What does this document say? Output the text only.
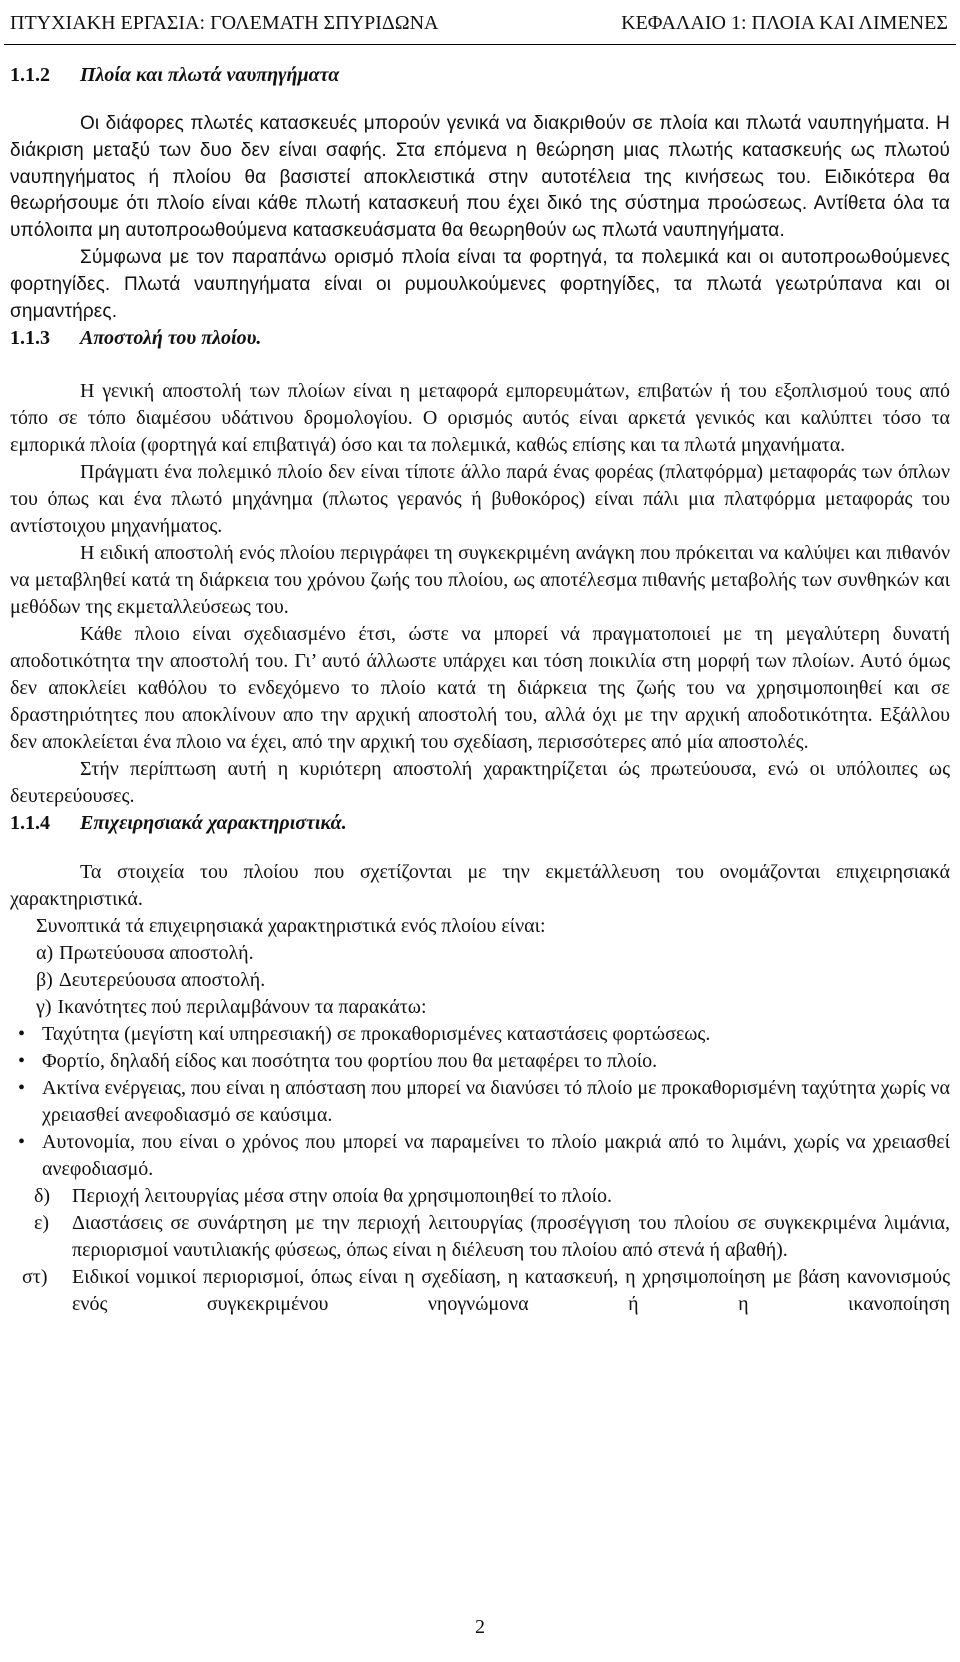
ΠΤΥΧΙΑΚΗ ΕΡΓΑΣΙΑ: ΓΟΛΕΜΑΤΗ ΣΠΥΡΙΔΩΝΑ	ΚΕΦΑΛΑΙΟ 1: ΠΛΟΙΑ ΚΑΙ ΛΙΜΕΝΕΣ
1.1.2 Πλοία και πλωτά ναυπηγήματα

Οι διάφορες πλωτές κατασκευές μπορούν γενικά να διακριθούν σε πλοία και πλωτά ναυπηγήματα. Η διάκριση μεταξύ των δυο δεν είναι σαφής. Στα επόμενα η θεώρηση μιας πλωτής κατασκευής ως πλωτού ναυπηγήματος ή πλοίου θα βασιστεί αποκλειστικά στην αυτοτέλεια της κινήσεως του. Ειδικότερα θα θεωρήσουμε ότι πλοίο είναι κάθε πλωτή κατασκευή που έχει δικό της σύστημα προώσεως. Αντίθετα όλα τα υπόλοιπα μη αυτοπροωθούμενα κατασκευάσματα θα θεωρηθούν ως πλωτά ναυπηγήματα.

Σύμφωνα με τον παραπάνω ορισμό πλοία είναι τα φορτηγά, τα πολεμικά και οι αυτοπροωθούμενες φορτηγίδες. Πλωτά ναυπηγήματα είναι οι ρυμουλκούμενες φορτηγίδες, τα πλωτά γεωτρύπανα και οι σημαντήρες.

1.1.3 Αποστολή του πλοίου.

Η γενική αποστολή των πλοίων είναι η μεταφορά εμπορευμάτων, επιβατών ή του εξοπλισμού τους από τόπο σε τόπο διαμέσου υδάτινου δρομολογίου. Ο ορισμός αυτός είναι αρκετά γενικός και καλύπτει τόσο τα εμπορικά πλοία (φορτηγά καί επιβατιγά) όσο και τα πολεμικά, καθώς επίσης και τα πλωτά μηχανήματα.

Πράγματι ένα πολεμικό πλοίο δεν είναι τίποτε άλλο παρά ένας φορέας (πλατφόρμα) μεταφοράς των όπλων του όπως και ένα πλωτό μηχάνημα (πλωτος γερανός ή βυθοκόρος) είναι πάλι μια πλατφόρμα μεταφοράς του αντίστοιχου μηχανήματος.

Η ειδική αποστολή ενός πλοίου περιγράφει τη συγκεκριμένη ανάγκη που πρόκειται να καλύψει και πιθανόν να μεταβληθεί κατά τη διάρκεια του χρόνου ζωής του πλοίου, ως αποτέλεσμα πιθανής μεταβολής των συνθηκών και μεθόδων της εκμεταλλεύσεως του.

Κάθε πλοιο είναι σχεδιασμένο έτσι, ώστε να μπορεί νά πραγματοποιεί με τη μεγαλύτερη δυνατή αποδοτικότητα την αποστολή του. Γι’ αυτό άλλωστε υπάρχει και τόση ποικιλία στη μορφή των πλοίων. Αυτό όμως δεν αποκλείει καθόλου το ενδεχόμενο το πλοίο κατά τη διάρκεια της ζωής του να χρησιμοποιηθεί και σε δραστηριότητες που αποκλίνουν απο την αρχική αποστολή του, αλλά όχι με την αρχική αποδοτικότητα. Εξάλλου δεν αποκλείεται ένα πλοιο να έχει, από την αρχική του σχεδίαση, περισσότερες από μία αποστολές.

Στήν περίπτωση αυτή η κυριότερη αποστολή χαρακτηρίζεται ώς πρωτεύουσα, ενώ οι υπόλοιπες ως δευτερεύουσες.

1.1.4 Επιχειρησιακά χαρακτηριστικά.

Τα στοιχεία του πλοίου που σχετίζονται με την εκμετάλλευση του ονομάζονται επιχειρησιακά χαρακτηριστικά.

Συνοπτικά τά επιχειρησιακά χαρακτηριστικά ενός πλοίου είναι:

α) Πρωτεύουσα αποστολή.
β) Δευτερεύουσα αποστολή.
γ) Ικανότητες πού περιλαμβάνουν τα παρακάτω:
• Ταχύτητα (μεγίστη καί υπηρεσιακή) σε προκαθορισμένες καταστάσεις φορτώσεως.
• Φορτίο, δηλαδή είδος και ποσότητα του φορτίου που θα μεταφέρει το πλοίο.
• Ακτίνα ενέργειας, που είναι η απόσταση που μπορεί να διανύσει τό πλοίο με προκαθορισμένη ταχύτητα χωρίς να χρειασθεί ανεφοδιασμό σε καύσιμα.
• Αυτονομία, που είναι ο χρόνος που μπορεί να παραμείνει το πλοίο μακριά από το λιμάνι, χωρίς να χρειασθεί ανεφοδιασμό.
δ)	Περιοχή λειτουργίας μέσα στην οποία θα χρησιμοποιηθεί το πλοίο.
ε)	Διαστάσεις σε συνάρτηση με την περιοχή λειτουργίας (προσέγγιση του πλοίου σε συγκεκριμένα λιμάνια, περιορισμοί ναυτιλιακής φύσεως, όπως είναι η διέλευση του πλοίου από στενά ή αβαθή).
στ)	Ειδικοί νομικοί περιορισμοί, όπως είναι η σχεδίαση, η κατασκευή, η χρησιμοποίηση με βάση κανονισμούς ενός συγκεκριμένου νηογνώμονα ή η ικανοποίηση
2
